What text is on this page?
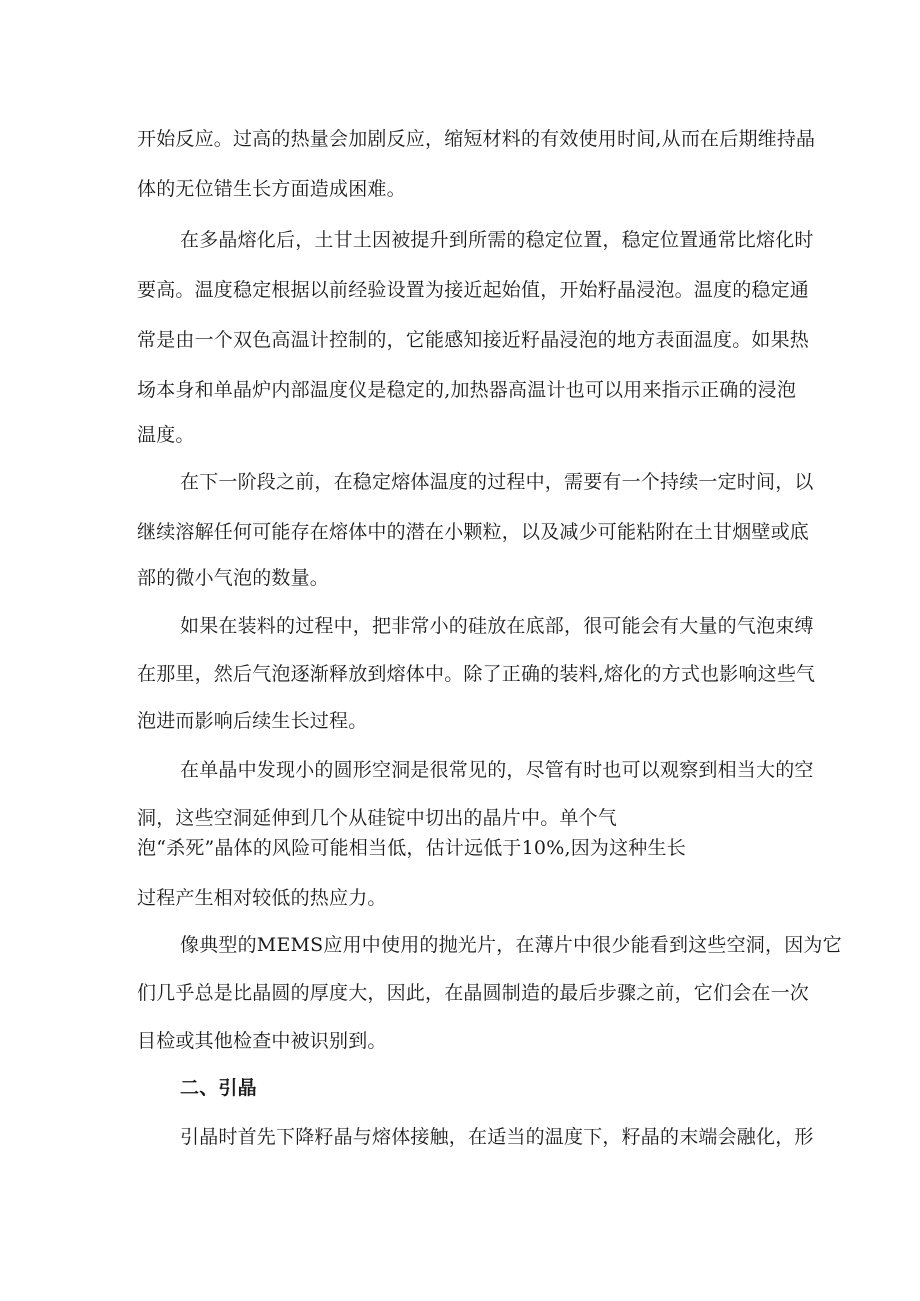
开始反应。过高的热量会加剧反应，缩短材料的有效使用时间,从而在后期维持晶
体的无位错生长方面造成困难。
在多晶熔化后，土甘土因被提升到所需的稳定位置，稳定位置通常比熔化时
要高。温度稳定根据以前经验设置为接近起始值，开始籽晶浸泡。温度的稳定通
常是由一个双色高温计控制的，它能感知接近籽晶浸泡的地方表面温度。如果热
场本身和单晶炉内部温度仪是稳定的,加热器高温计也可以用来指示正确的浸泡
温度。
在下一阶段之前，在稳定熔体温度的过程中，需要有一个持续一定时间，以
继续溶解任何可能存在熔体中的潜在小颗粒，以及减少可能粘附在土甘烟壁或底
部的微小气泡的数量。
如果在装料的过程中，把非常小的硅放在底部，很可能会有大量的气泡束缚
在那里，然后气泡逐渐释放到熔体中。除了正确的装料,熔化的方式也影响这些气
泡进而影响后续生长过程。
在单晶中发现小的圆形空洞是很常见的，尽管有时也可以观察到相当大的空
洞，这些空洞延伸到几个从硅锭中切出的晶片中。单个气
泡“杀死”晶体的风险可能相当低，估计远低于10%,因为这种生长
过程产生相对较低的热应力。
像典型的MEMS应用中使用的抛光片，在薄片中很少能看到这些空洞，因为它
们几乎总是比晶圆的厚度大，因此，在晶圆制造的最后步骤之前，它们会在一次
目检或其他检查中被识别到。
二、引晶
引晶时首先下降籽晶与熔体接触，在适当的温度下，籽晶的末端会融化，形
